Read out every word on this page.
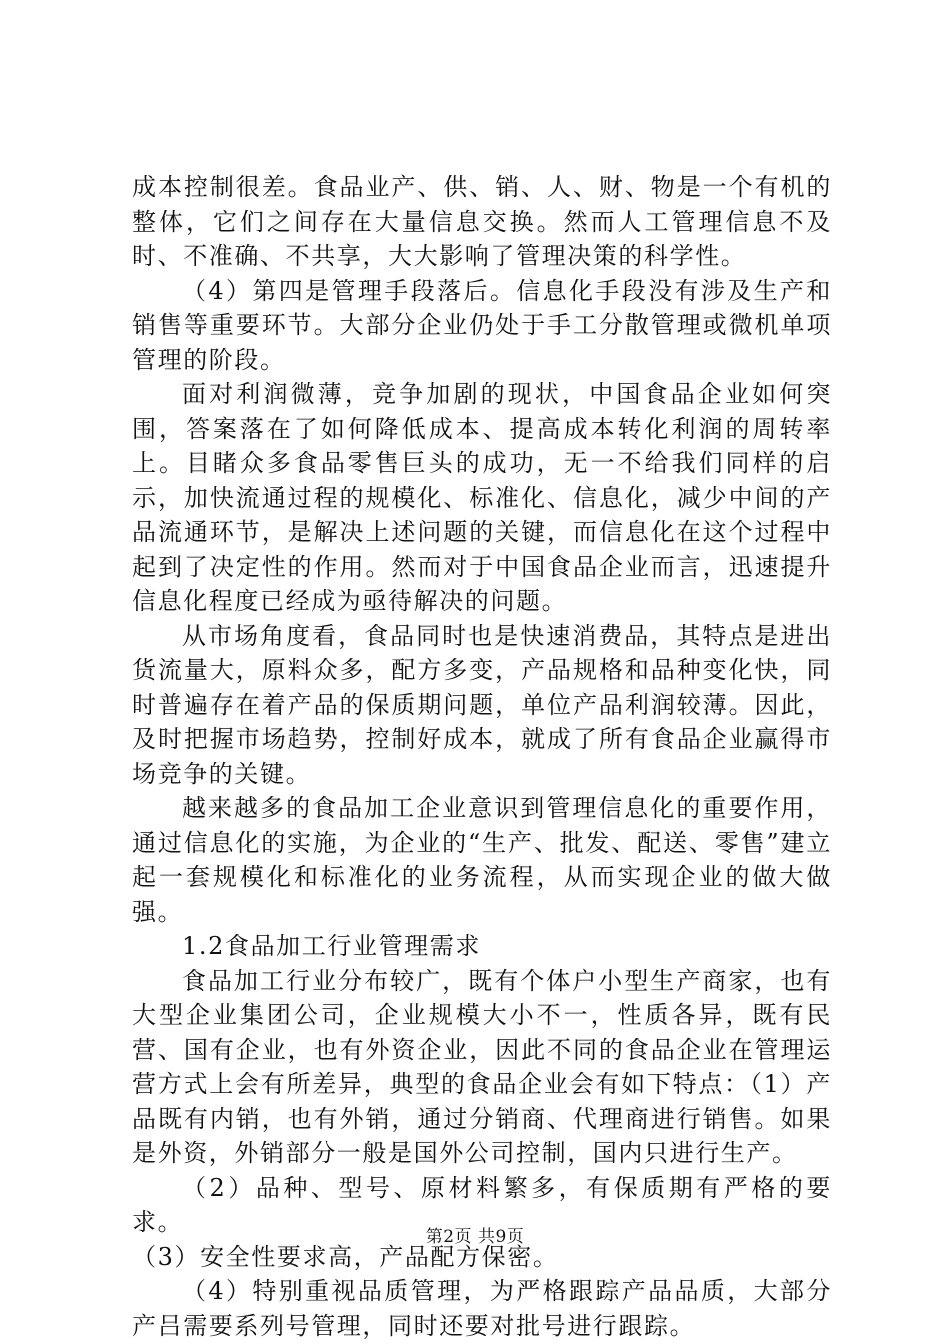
成本控制很差。食品业产、供、销、人、财、物是一个有机的整体，它们之间存在大量信息交换。然而人工管理信息不及时、不准确、不共享，大大影响了管理决策的科学性。

（4）第四是管理手段落后。信息化手段没有涉及生产和销售等重要环节。大部分企业仍处于手工分散管理或微机单项管理的阶段。

面对利润微薄，竞争加剧的现状，中国食品企业如何突围，答案落在了如何降低成本、提高成本转化利润的周转率上。目睹众多食品零售巨头的成功，无一不给我们同样的启示，加快流通过程的规模化、标准化、信息化，减少中间的产品流通环节，是解决上述问题的关键，而信息化在这个过程中起到了决定性的作用。然而对于中国食品企业而言，迅速提升信息化程度已经成为亟待解决的问题。

从市场角度看，食品同时也是快速消费品，其特点是进出货流量大，原料众多，配方多变，产品规格和品种变化快，同时普遍存在着产品的保质期问题，单位产品利润较薄。因此，及时把握市场趋势，控制好成本，就成了所有食品企业赢得市场竞争的关键。

越来越多的食品加工企业意识到管理信息化的重要作用，通过信息化的实施，为企业的“生产、批发、配送、零售”建立起一套规模化和标准化的业务流程，从而实现企业的做大做强。

1.2食品加工行业管理需求

食品加工行业分布较广，既有个体户小型生产商家，也有大型企业集团公司，企业规模大小不一，性质各异，既有民营、国有企业，也有外资企业，因此不同的食品企业在管理运营方式上会有所差异，典型的食品企业会有如下特点：（1）产品既有内销，也有外销，通过分销商、代理商进行销售。如果是外资，外销部分一般是国外公司控制，国内只进行生产。

（2）品种、型号、原材料繁多，有保质期有严格的要求。

（3）安全性要求高，产品配方保密。

（4）特别重视品质管理，为严格跟踪产品品质，大部分产吕需要系列号管理，同时还要对批号进行跟踪。

第2页 共9页
